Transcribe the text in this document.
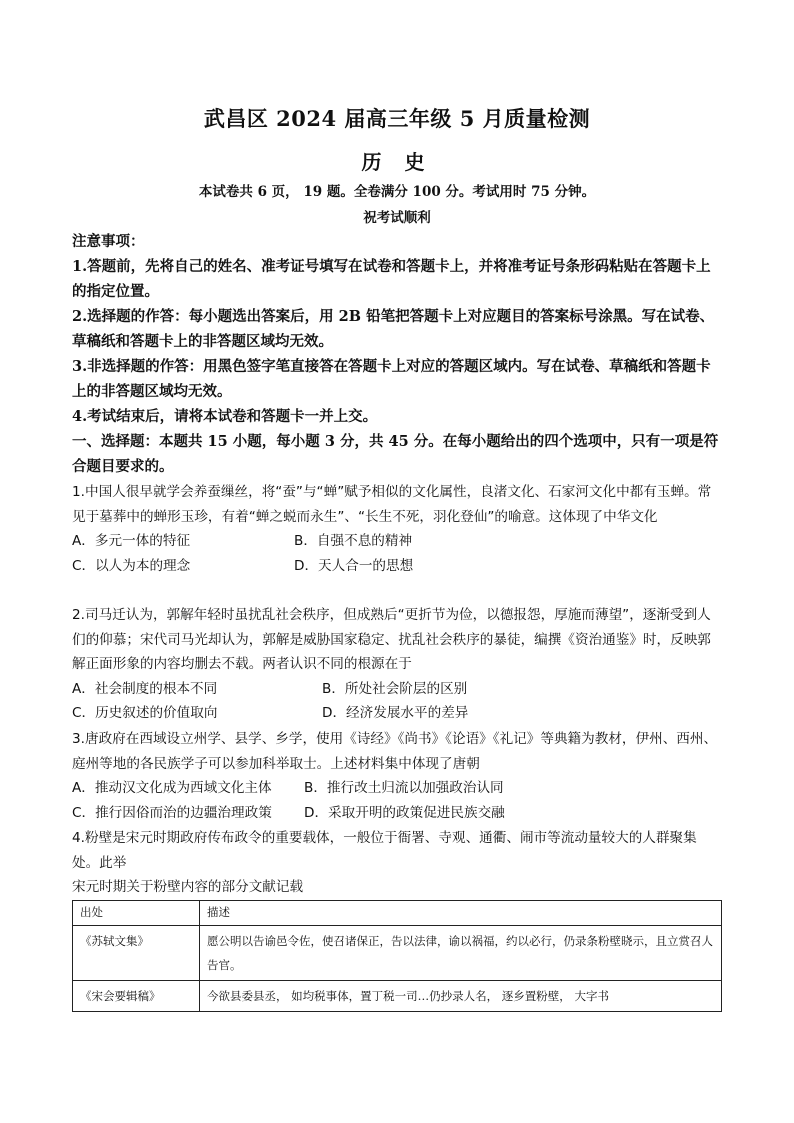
武昌区 2024 届高三年级 5 月质量检测
历 史
本试卷共 6 页， 19 题。全卷满分 100 分。考试用时 75 分钟。
祝考试顺利

注意事项：

1.答题前，先将自己的姓名、准考证号填写在试卷和答题卡上，并将准考证号条形码粘贴在答题卡上的指定位置。

2.选择题的作答：每小题选出答案后，用 2B 铅笔把答题卡上对应题目的答案标号涂黑。写在试卷、草稿纸和答题卡上的非答题区域均无效。

3.非选择题的作答：用黑色签字笔直接答在答题卡上对应的答题区域内。写在试卷、草稿纸和答题卡上的非答题区域均无效。

4.考试结束后，请将本试卷和答题卡一并上交。

一、选择题：本题共 15 小题，每小题 3 分，共 45 分。在每小题给出的四个选项中，只有一项是符合题目要求的。

1.中国人很早就学会养蚕缫丝，将“蚕”与“蝉”赋予相似的文化属性，良渚文化、石家河文化中都有玉蝉。常见于墓葬中的蝉形玉珍，有着“蝉之蜕而永生”、“长生不死，羽化登仙”的喻意。这体现了中华文化

A．多元一体的特征	B．自强不息的精神
C．以人为本的理念	D．天人合一的思想

2.司马迁认为，郭解年轻时虽扰乱社会秩序，但成熟后“更折节为俭，以德报怨，厚施而薄望”，逐渐受到人们的仰慕；宋代司马光却认为，郭解是威胁国家稳定、扰乱社会秩序的暴徒，编撰《资治通鉴》时，反映郭解正面形象的内容均删去不载。两者认识不同的根源在于

A．社会制度的根本不同	B．所处社会阶层的区别
C．历史叙述的价值取向	D．经济发展水平的差异

3.唐政府在西域设立州学、县学、乡学，使用《诗经》《尚书》《论语》《礼记》等典籍为教材，伊州、西州、庭州等地的各民族学子可以参加科举取士。上述材料集中体现了唐朝

A．推动汉文化成为西域文化主体	B．推行改土归流以加强政治认同
C．推行因俗而治的边疆治理政策	D．采取开明的政策促进民族交融

4.粉壁是宋元时期政府传布政令的重要载体，一般位于衙署、寺观、通衢、闹市等流动量较大的人群聚集处。此举

宋元时期关于粉壁内容的部分文献记载

出处	描述
《苏轼文集》	愿公明以告谕邑令佐，使召诸保正，告以法律，谕以祸福，约以必行，仍录条粉壁晓示，且立赏召人告官。
《宋会要辑稿》	今欲县委县丞， 如均税事体，置丁税一司…仍抄录人名， 逐乡置粉壁， 大字书
